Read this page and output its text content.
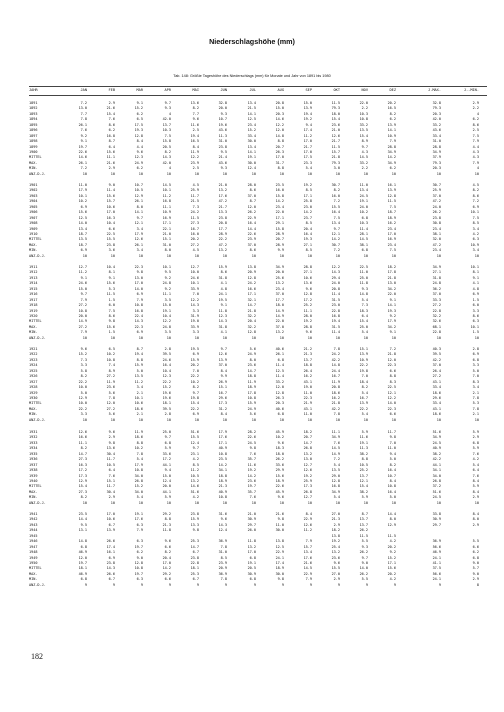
Niederschlagshöhe (mm)
Tab. 148: Größte Tageshöhe des Niederschlags (mm) für Monate und Jahr von 1891 bis 1980
JAHR	JAN	FEB	MAR	APR	MAI	JUN	JUL	AUG	SEP	OKT	NOV	DEZ	J.MAX.	J.-MIN.
1891	7.2	2.9	9.1	9.7	13.6	32.8	13.4	20.8	15.0	11.5	22.0	20.2	32.8	2.9
1892	13.0	21.6	15.2	9.3	8.2	20.0	21.5	15.0	13.9	79.3	2.2	16.5	79.3	2.2
1893	7.7	15.4	6.2	4	7.7	9.3	14.1	20.3	19.4	18.0	10.3	8.2	20.3	4
1894	7.8	7.6	6.5	42.0	9.6	10.7	12.5	14.6	19.2	15.4	10.8	6.2	42.0	6.2
1895	26.1	8.6	17.5	13.7	11.6	19.6	23.4	12.2	9.4	23.6	33.2	13.9	33.2	8.6
1896	7.6	6.2	19.3	10.3	2.5	43.6	15.2	12.0	17.4	21.0	13.5	14.1	43.6	2.5
1897	9.2	16.8	12.8	7.5	19.4	11.3	33.4	14.8	11.2	12.6	15.4	10.9	33.4	7.5
1898	9.1	8.7	8.4	15.8	16.5	31.0	30.0	8.8	17.0	21.7	8.9	7.9	31.0	7.9
1899	19.7	6.4	4.4	20.5	8.4	23.8	13.4	20.7	21.7	11.5	9.7	28.8	28.8	4.4
1900	22.6	15.6	9.6	8.2	11.9	9.5	14.1	26.3	17.0	15.7	4.3	34.9	34.9	4.3
MITTEL	14.6	11.1	12.3	14.3	12.2	21.4	19.1	17.0	17.5	21.8	14.5	14.2	37.9	4.3
MAX.	26.1	21.6	24.9	42.0	23.9	43.6	30.0	31.7	23.3	79.3	33.2	34.9	79.3	7.9
MIN.	7.2	2.9	6.2	4	2.5	9.3	12.4	8.8	5.4	3.0	2.2	6.2	20.3	4
ANZ.D.J.	10	10	10	10	10	10	10	10	10	10	10	10	10	10
1901	11.0	9.0	10.7	14.5	4.5	21.0	28.0	23.5	19.2	30.7	11.0	16.1	30.7	4.5
1902	17.9	11.4	10.5	10.1	25.9	13.2	8.6	16.0	8.5	8.2	13.4	13.9	25.9	8.2
1903	10.1	15.6	12.9	11.2	11.7	17.6	37.0	15.8	17.1	16.0	24.5	12.8	37.0	8.6
1904	10.2	15.7	26.1	16.8	21.5	47.2	8.7	14.2	25.8	7.2	19.1	11.5	47.2	7.2
1905	6.9	10.6	8.0	11.1	7.3	21.7	12.0	23.4	23.0	15.5	24.0	7.5	24.0	6.9
1906	15.6	17.0	14.1	10.9	24.2	13.3	26.2	22.0	14.2	16.4	10.2	18.7	26.2	10.1
1907	12.5	16.3	9.7	16.9	11.5	23.8	22.9	17.1	23.7	7.5	6.8	18.9	23.8	7.5
1908	14.0	10.4	12.1	17.1	27.3	20.8	16.4	29.1	8.5	13.4	10.3	16.2	30.8	8.5
1909	13.4	6.6	3.4	22.1	16.7	17.7	14.4	15.8	20.4	9.7	11.4	23.4	23.4	3.4
1910	18.7	22.5	17.9	21.0	16.0	28.9	22.6	28.9	16.4	12.1	28.1	17.0	38.1	4.2
MITTEL	13.5	15.5	12.6	15.1	20.2	22.2	23.9	20.7	19.3	14.2	14.5	16.9	32.0	6.3
MAX.	18.7	23.8	26.1	31.0	27.2	47.2	37.0	28.9	27.1	30.7	38.1	23.4	47.2	10.9
MIN.	6.9	3.6	3.4	8.0	4.5	13.2	8.6	9.9	8.5	7.2	6.8	7.5	23.4	3.4
ANZ.D.J.	10	10	10	10	10	10	10	10	10	10	10	10	10	10
1911	12.7	10.4	22.3	10.1	12.7	15.9	13.8	34.9	28.8	12.2	22.5	18.2	34.9	10.1
1912	11.2	8.1	9.8	9.5	10.0	8.6	20.9	20.0	27.1	14.3	11.0	17.8	27.1	8.1
1913	9.1	9.1	13.0	9.2	24.6	31.8	12.8	25.6	10.6	29.4	25.0	21.8	31.8	9.1
1914	24.6	15.6	17.0	24.8	10.1	4.1	24.2	13.2	13.6	24.0	11.8	13.0	24.8	4.1
1915	15.0	5.3	14.0	9.2	33.9	4.8	16.6	23.4	9.6	20.8	9.3	34.2	36.2	4.8
1916	9.7	11.5	6.9	11.1	7.0	24.1	17.1	37.0	12.8	11.4	14.8	22.0	37.0	6.9
1917	7.9	1.5	7.9	3.5	12.2	19.5	32.1	17.7	17.2	31.5	5.4	9.1	33.3	1.5
1918	27.2	6.0	10.8	15.0	14.3	9.1	14.7	18.0	25.2	23.0	7.3	14.1	27.2	6.0
1919	10.8	7.5	16.8	19.1	3.3	11.8	21.8	14.9	11.1	22.8	18.3	19.3	22.8	3.3
1920	20.0	8.6	22.4	10.4	31.9	12.3	32.2	14.9	28.0	16.8	6.4	9.2	32.2	8.6
MITTEL	14.9	9.8	14.3	12.2	19.0	14.3	20.4	22.0	19.2	19.4	15.4	17.9	32.6	6.3
MAX.	27.2	15.6	22.3	24.8	33.9	31.8	32.2	37.0	28.8	31.5	25.0	34.2	68.1	10.1
MIN.	7.9	1.5	6.9	3.5	3.3	4.1	12.8	13.2	9.6	11.4	5.4	9.1	22.8	1.5
ANZ.D.J.	10	10	10	10	10	10	10	10	10	10	10	10	10	10
1921	9.6	6.5	8.7	2.8	19.5	9.7	5.6	40.6	21.2	7.8	15.1	7.2	40.3	2.8
1922	15.2	10.2	19.4	39.5	6.9	12.6	24.9	26.1	21.3	24.2	13.9	21.8	39.5	6.9
1923	7.3	10.8	8.8	24.6	15.9	13.9	8.0	6.8	13.7	42.2	10.9	12.0	42.2	6.8
1924	3.3	7.4	15.9	16.4	20.2	37.0	23.6	11.4	18.8	14.8	22.2	22.3	37.0	3.3
1925	5.8	8.9	5.0	10.4	7.0	8.4	14.7	12.5	26.4	24.4	19.8	6.6	26.4	5.0
1926	8.2	27.2	13.5	12.3	22.2	9.9	18.8	11.4	16.2	16.7	7.0	8.8	27.2	7.0
1927	22.2	11.9	11.2	22.2	10.2	26.9	11.9	33.2	43.1	11.9	18.4	8.3	43.1	8.3
1928	10.0	23.6	3.4	15.2	8.2	15.1	18.9	12.0	19.0	20.8	8.2	22.5	33.4	3.4
1929	5.0	5.6	2.1	19.6	9.7	16.7	17.8	12.8	11.0	18.6	5.4	12.1	18.6	2.1
1930	12.9	7.8	10.1	19.6	19.8	29.6	10.8	26.3	22.3	16.2	16.7	12.2	29.6	7.8
MITTEL	10.0	12.0	10.6	18.1	15.4	17.3	15.9	20.3	21.9	21.8	13.9	14.0	33.4	5.3
MAX.	22.2	27.2	18.6	39.5	22.2	31.2	24.9	40.6	43.1	42.2	22.2	22.3	43.1	7.8
MIN.	3.3	5.6	2.1	2.8	6.9	8.4	5.6	6.8	11.0	7.8	5.4	6.6	18.6	2.1
ANZ.D.J.	10	10	10	10	10	10	10	10	10	10	10	10	10	10
1931	12.6	9.6	11.9	25.0	51.6	17.9	28.2	45.9	18.2	11.1	5.9	11.7	51.6	5.9
1932	16.6	2.9	18.6	9.7	15.5	17.6	22.6	10.2	20.7	34.9	11.6	9.8	34.9	2.9
1933	11.1	9.8	8.8	6.8	12.4	17.1	24.5	9.6	14.7	7.6	19.1	7.0	24.5	6.8
1934	8.2	13.6	10.2	5.9	9.7	40.9	9.8	18.3	26.8	14.5	11.3	11.0	40.9	5.9
1935	14.7	30.4	7.8	33.6	23.1	10.8	7.6	18.0	13.2	14.9	38.2	9.4	38.2	7.6
1936	27.3	11.7	5.4	17.2	4.2	23.5	35.7	26.2	13.0	7.2	8.8	5.0	42.2	4.2
1937	16.3	10.5	17.9	44.1	8.5	14.2	11.6	33.6	12.7	5.4	10.5	8.2	44.1	5.4
1938	17.2	6.4	10.8	9.4	11.2	34.1	19.2	29.9	12.6	13.5	25.2	16.4	34.1	6.4
1939	17.3	7.6	34.0	15.0	10.5	18.8	14.2	15.6	19.2	29.0	13.7	10.7	34.0	7.6
1940	12.9	15.1	26.8	12.4	13.2	18.9	23.6	18.9	25.9	12.8	12.1	8.4	26.8	8.4
MITTEL	15.4	11.7	15.2	20.0	14.6	21.3	19.7	22.6	17.3	16.8	15.4	10.8	37.2	5.9
MAX.	27.3	30.4	34.0	44.1	51.6	40.9	35.7	45.9	26.8	34.9	38.2	16.4	51.6	8.4
MIN.	8.2	2.9	5.4	5.9	4.2	10.8	7.6	9.6	12.7	5.4	5.9	5.0	24.5	2.9
ANZ.D.J.	10	10	10	10	10	10	10	10	10	10	10	10	10	10
1941	23.5	17.0	19.1	29.2	23.8	31.6	21.0	21.6	8.4	27.0	8.7	14.4	33.8	8.4
1942	14.4	10.6	17.6	8.8	15.9	9.6	30.9	9.8	22.9	21.3	13.7	8.0	30.9	8.0
1943	9.5	6.7	6.3	21.3	13.3	14.3	29.7	11.0	12.6	2.9	13.7	12.9	29.7	2.9
1944	13.1	13.9	7.9	11.8	9.8	12.4	26.0	30.0	11.2	18.2	26.2
1945	13.8	11.5	11.5
1946	14.8	26.6	6.3	9.6	25.3	36.9	11.8	13.8	7.9	19.2	5.5	4.2	36.9	5.5
1947	6.8	17.4	19.7	6.6	14.7	7.8	13.2	12.5	15.7	25.4	9.3	20.2	56.6	6.6
1948	46.9	16.1	6.2	8.2	6.7	31.0	17.0	22.9	13.4	13.2	26.2	9.2	46.9	6.2
1949	12.0	6.9	9.0	20.4	23.8	8.5	6.8	24.1	17.6	23.6	9.7	15.2	24.1	6.8
1950	19.7	23.8	12.8	17.0	22.8	23.9	19.1	17.4	21.6	9.6	9.0	17.1	41.1	9.0
MITTEL	18.1	14.3	10.8	14.2	18.1	20.9	20.5	18.9	14.5	15.5	14.0	15.6	37.5	5.7
MAX.	46.9	26.6	19.7	29.2	25.3	36.9	30.9	30.0	22.9	27.0	26.2	20.2	56.6	9.0
MIN.	6.8	6.7	6.3	6.6	6.7	7.8	6.8	9.8	7.9	2.9	5.5	4.2	24.1	2.9
ANZ.D.J.	9	9	9	9	9	9	9	9	9	9	9	9	9	8
182
